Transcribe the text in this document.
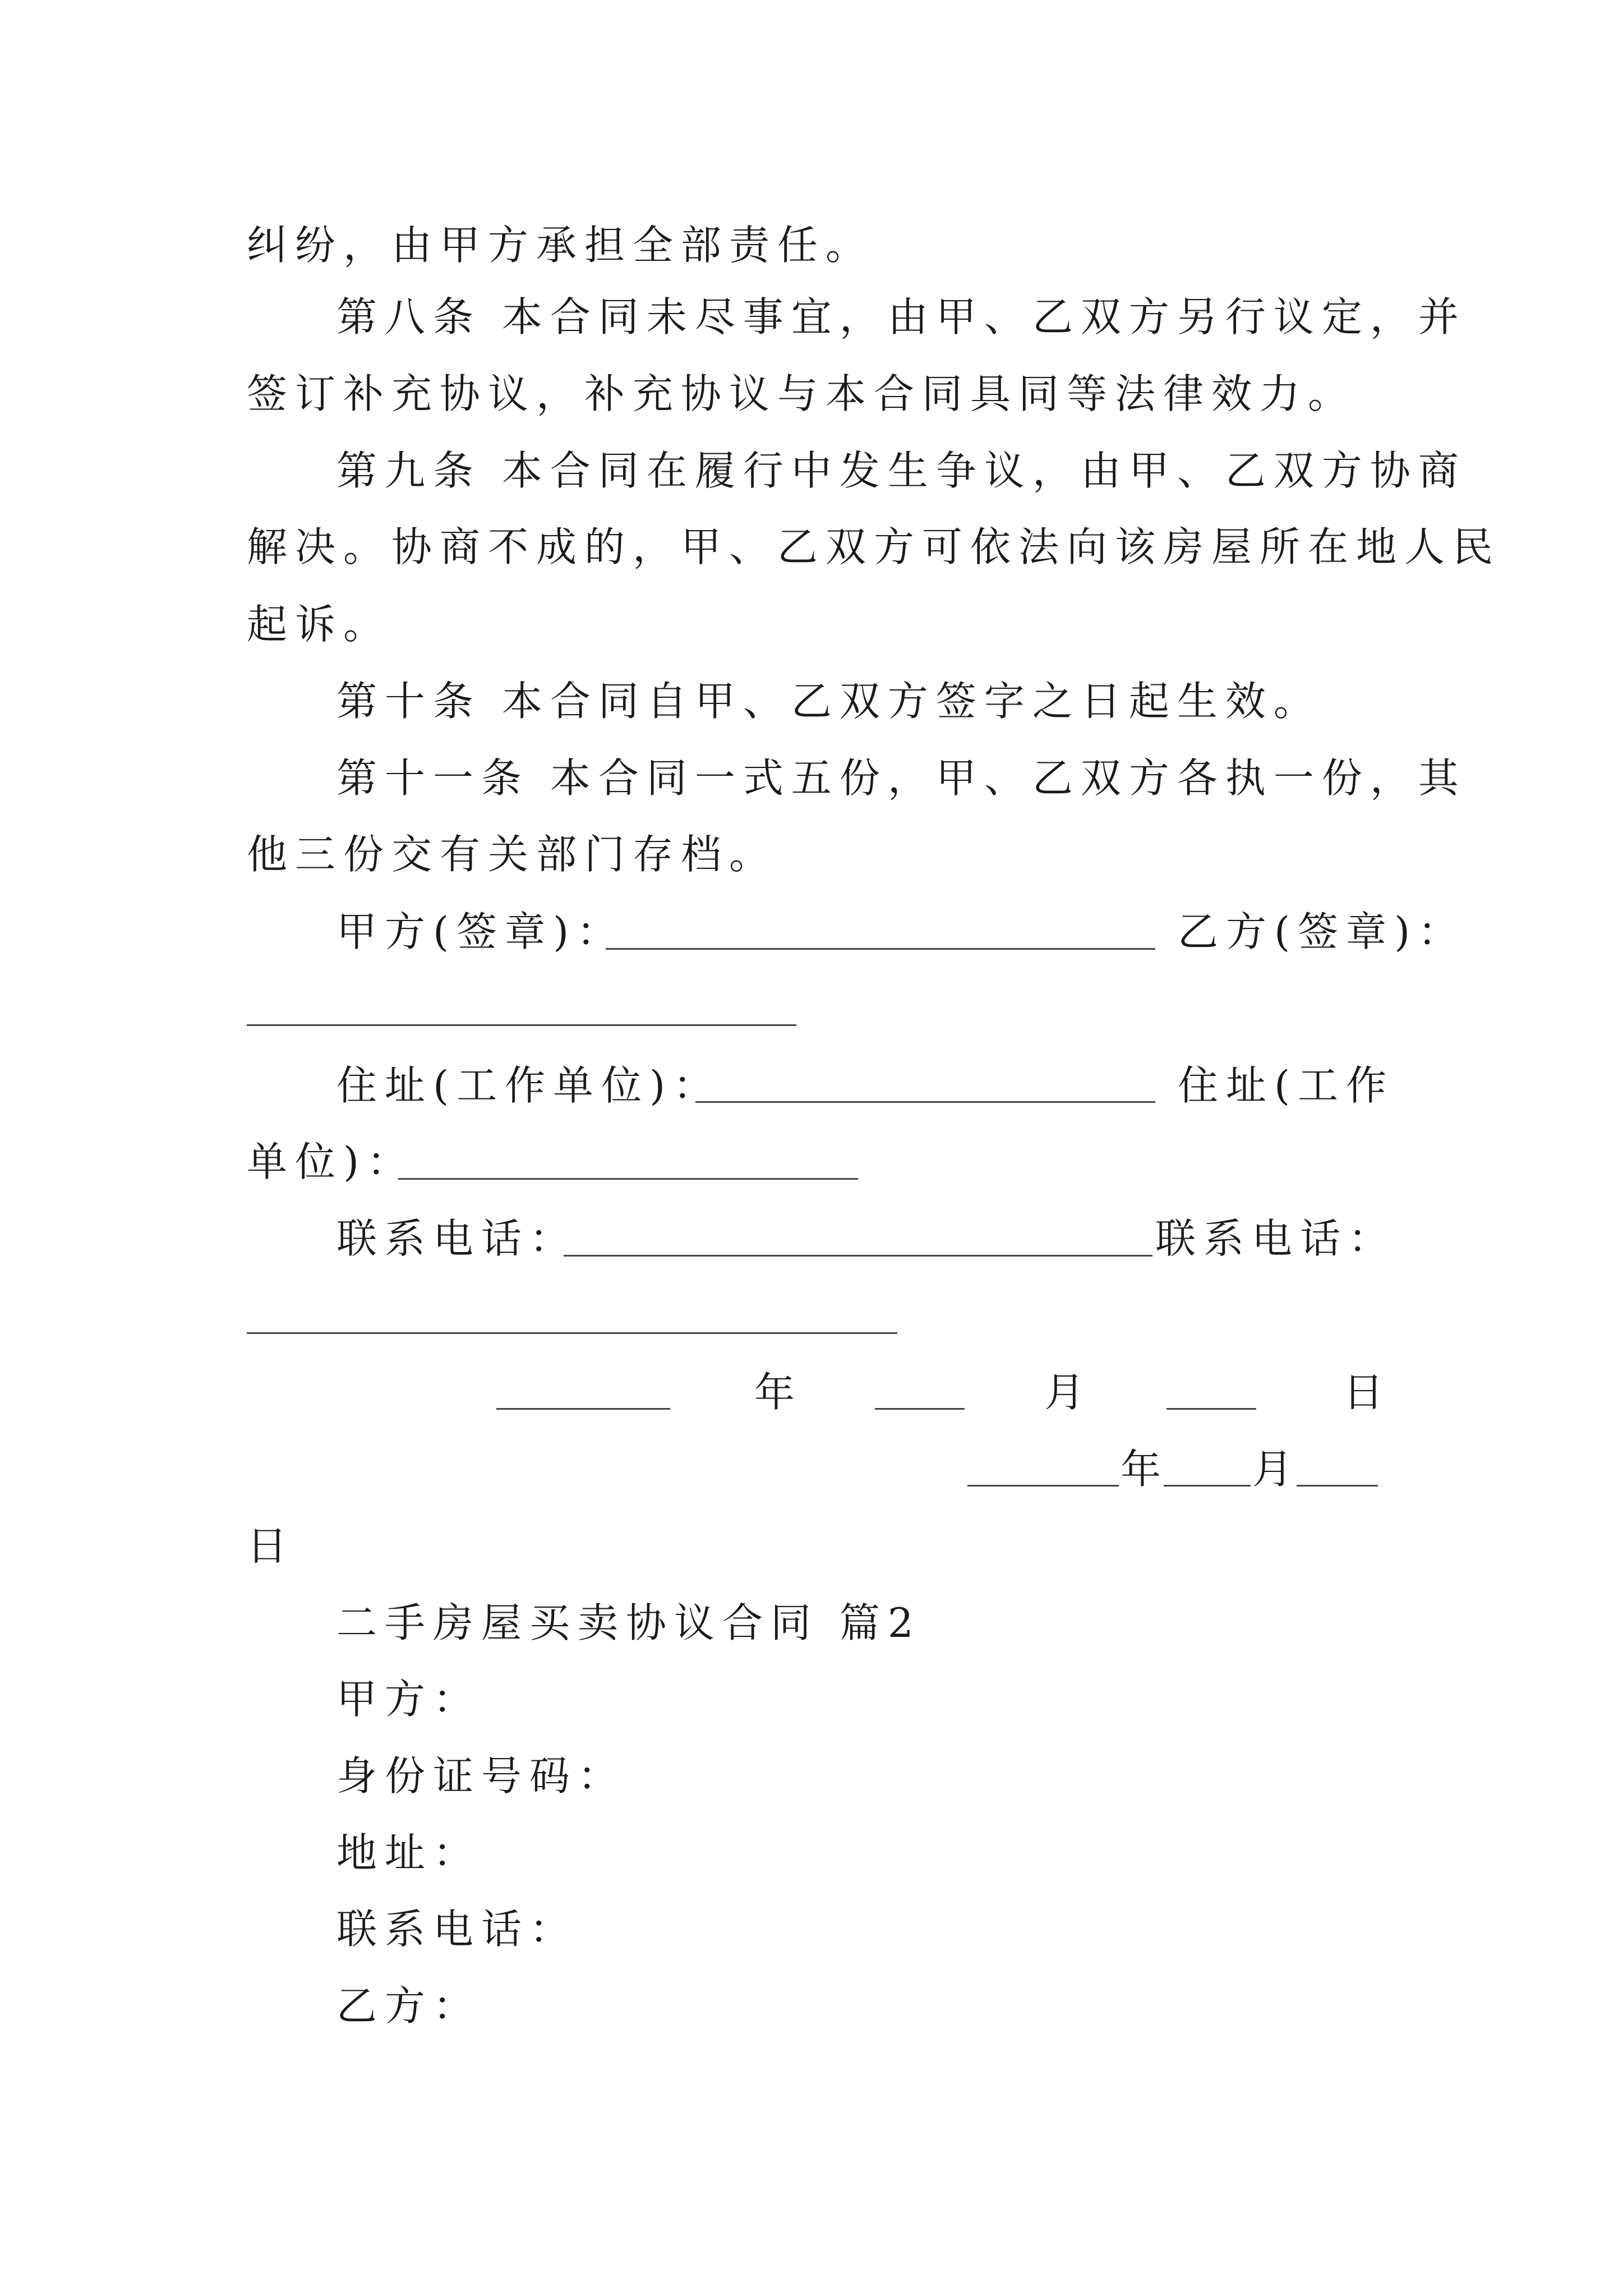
纠纷，由甲方承担全部责任。
第八条 本合同未尽事宜，由甲、乙双方另行议定，并
签订补充协议，补充协议与本合同具同等法律效力。
第九条 本合同在履行中发生争议，由甲、乙双方协商
解决。协商不成的，甲、乙双方可依法向该房屋所在地人民
起诉。
第十条 本合同自甲、乙双方签字之日起生效。
第十一条 本合同一式五份，甲、乙双方各执一份，其
他三份交有关部门存档。
甲方(签章)：	乙方(签章)：
住址(工作单位)：	住址(工作
单位)：
联系电话：	联系电话：
年	月	日
年 月
日
二手房屋买卖协议合同 篇2
甲方：
身份证号码：
地址：
联系电话：
乙方：
